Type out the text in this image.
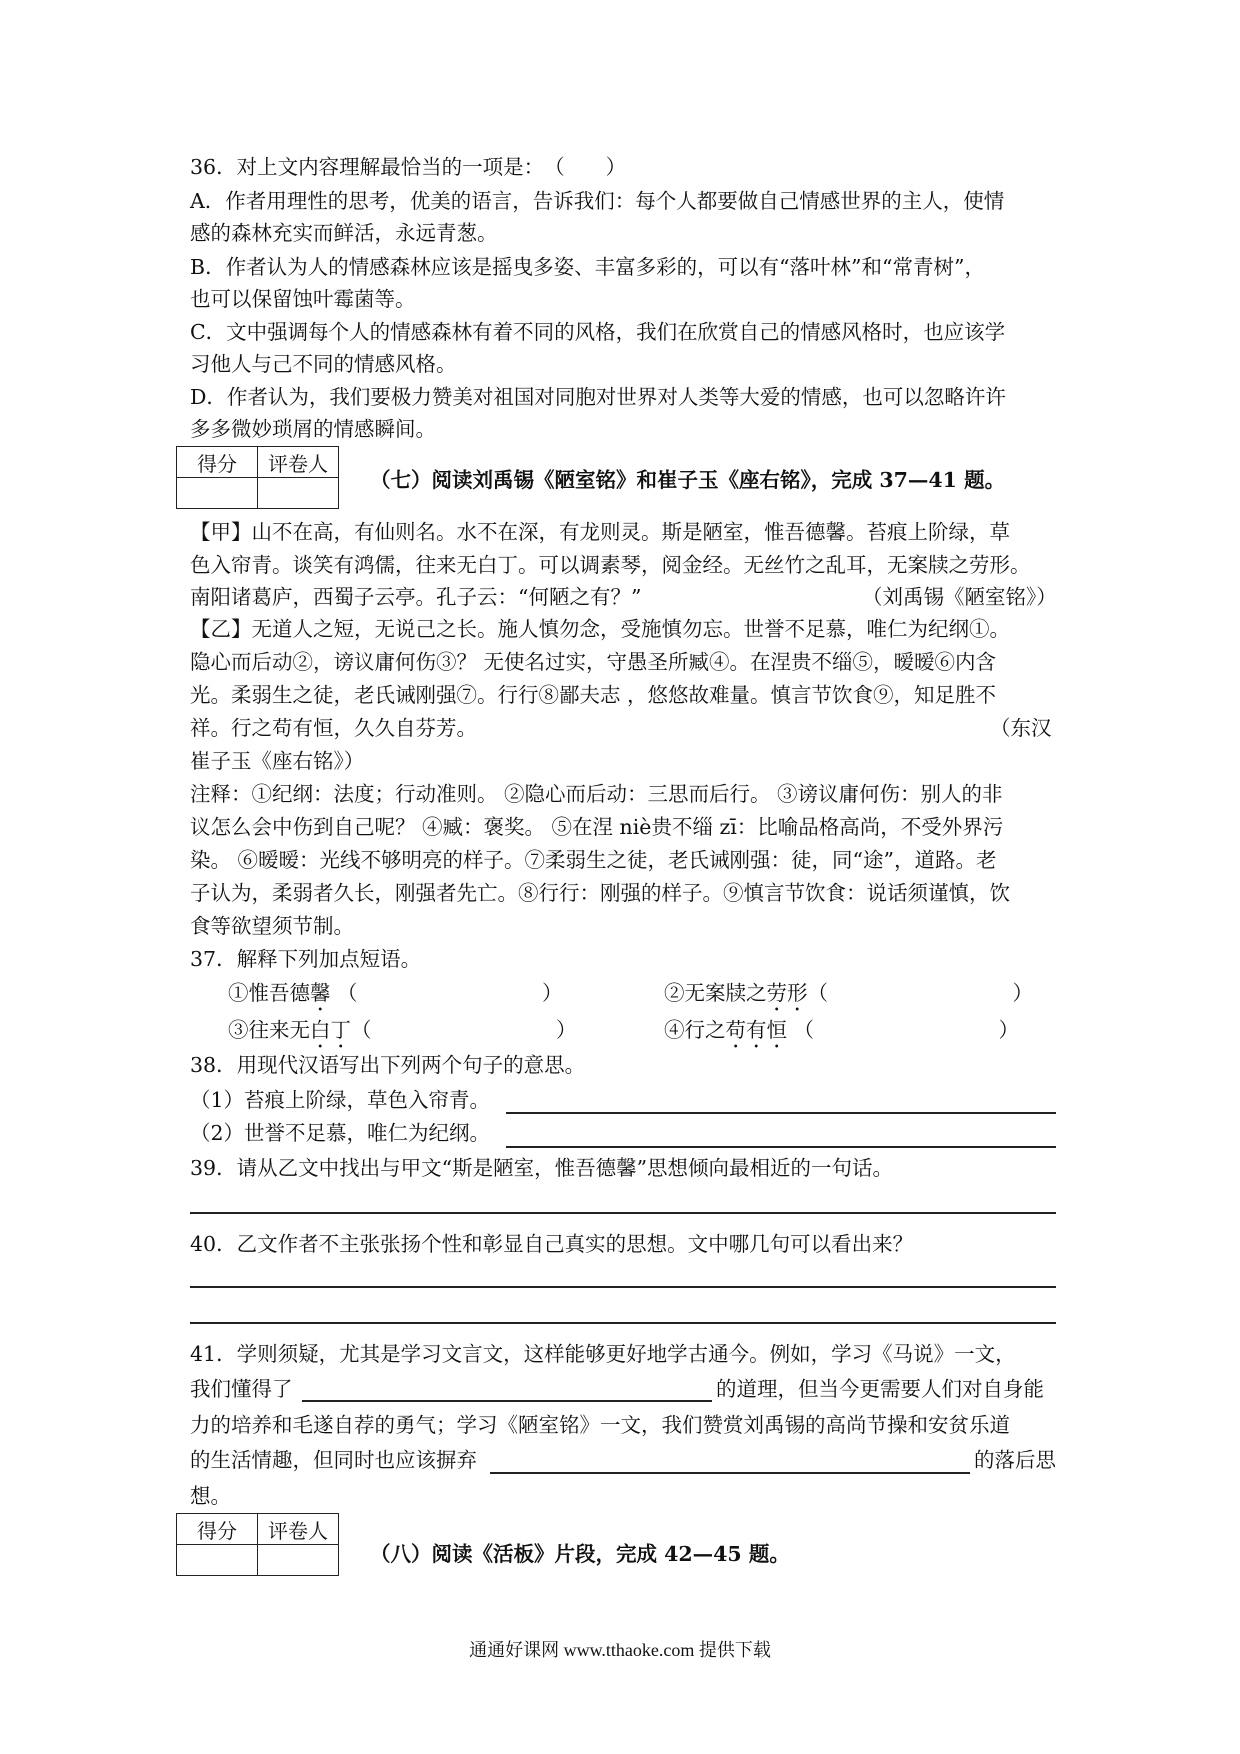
36．对上文内容理解最恰当的一项是：　（　　）
A．作者用理性的思考，优美的语言，告诉我们：每个人都要做自己情感世界的主人，使情
感的森林充实而鲜活，永远青葱。
B．作者认为人的情感森林应该是摇曳多姿、丰富多彩的，可以有“落叶林”和“常青树”，
也可以保留蚀叶霉菌等。
C．文中强调每个人的情感森林有着不同的风格，我们在欣赏自己的情感风格时，也应该学
习他人与己不同的情感风格。
D．作者认为，我们要极力赞美对祖国对同胞对世界对人类等大爱的情感，也可以忽略许许
多多微妙琐屑的情感瞬间。
得分	评卷人

（七）阅读刘禹锡《陋室铭》和崔子玉《座右铭》，完成 37—41 题。
【甲】山不在高，有仙则名。水不在深，有龙则灵。斯是陋室，惟吾德馨。苔痕上阶绿，草
色入帘青。谈笑有鸿儒，往来无白丁。可以调素琴，阅金经。无丝竹之乱耳，无案牍之劳形。
南阳诸葛庐，西蜀子云亭。孔子云：“何陋之有？”	（刘禹锡《陋室铭》）
【乙】无道人之短，无说己之长。施人慎勿念，受施慎勿忘。世誉不足慕，唯仁为纪纲①。
隐心而后动②，谤议庸何伤③？ 无使名过实，守愚圣所臧④。在涅贵不缁⑤，暧暧⑥内含
光。柔弱生之徒，老氏诫刚强⑦。行行⑧鄙夫志 ，悠悠故难量。慎言节饮食⑨，知足胜不
祥。行之苟有恒，久久自芬芳。	（东汉
崔子玉《座右铭》）
注释：①纪纲：法度；行动准则。 ②隐心而后动：三思而后行。 ③谤议庸何伤：别人的非
议怎么会中伤到自己呢？ ④臧：褒奖。 ⑤在涅 niè贵不缁 zī：比喻品格高尚，不受外界污
染。 ⑥暧暧：光线不够明亮的样子。⑦柔弱生之徒，老氏诫刚强：徒，同“途”，道路。老
子认为，柔弱者久长，刚强者先亡。⑧行行：刚强的样子。⑨慎言节饮食：说话须谨慎，饮
食等欲望须节制。
37．解释下列加点短语。
①惟吾德馨 （　　　　　　　　　）	②无案牍之劳形（　　　　　　　　　）
③往来无白丁（　　　　　　　　　）	④行之苟有恒 （　　　　　　　　　）
38．用现代汉语写出下列两个句子的意思。
（1）苔痕上阶绿，草色入帘青。
（2）世誉不足慕，唯仁为纪纲。
39．请从乙文中找出与甲文“斯是陋室，惟吾德馨”思想倾向最相近的一句话。
40．乙文作者不主张张扬个性和彰显自己真实的思想。文中哪几句可以看出来？
41．学则须疑，尤其是学习文言文，这样能够更好地学古通今。例如，学习《马说》一文，
我们懂得了	的道理，但当今更需要人们对自身能
力的培养和毛遂自荐的勇气；学习《陋室铭》一文，我们赞赏刘禹锡的高尚节操和安贫乐道
的生活情趣，但同时也应该摒弃	的落后思
想。
得分	评卷人

（八）阅读《活板》片段，完成 42—45 题。
通通好课网 www.tthaoke.com 提供下载
